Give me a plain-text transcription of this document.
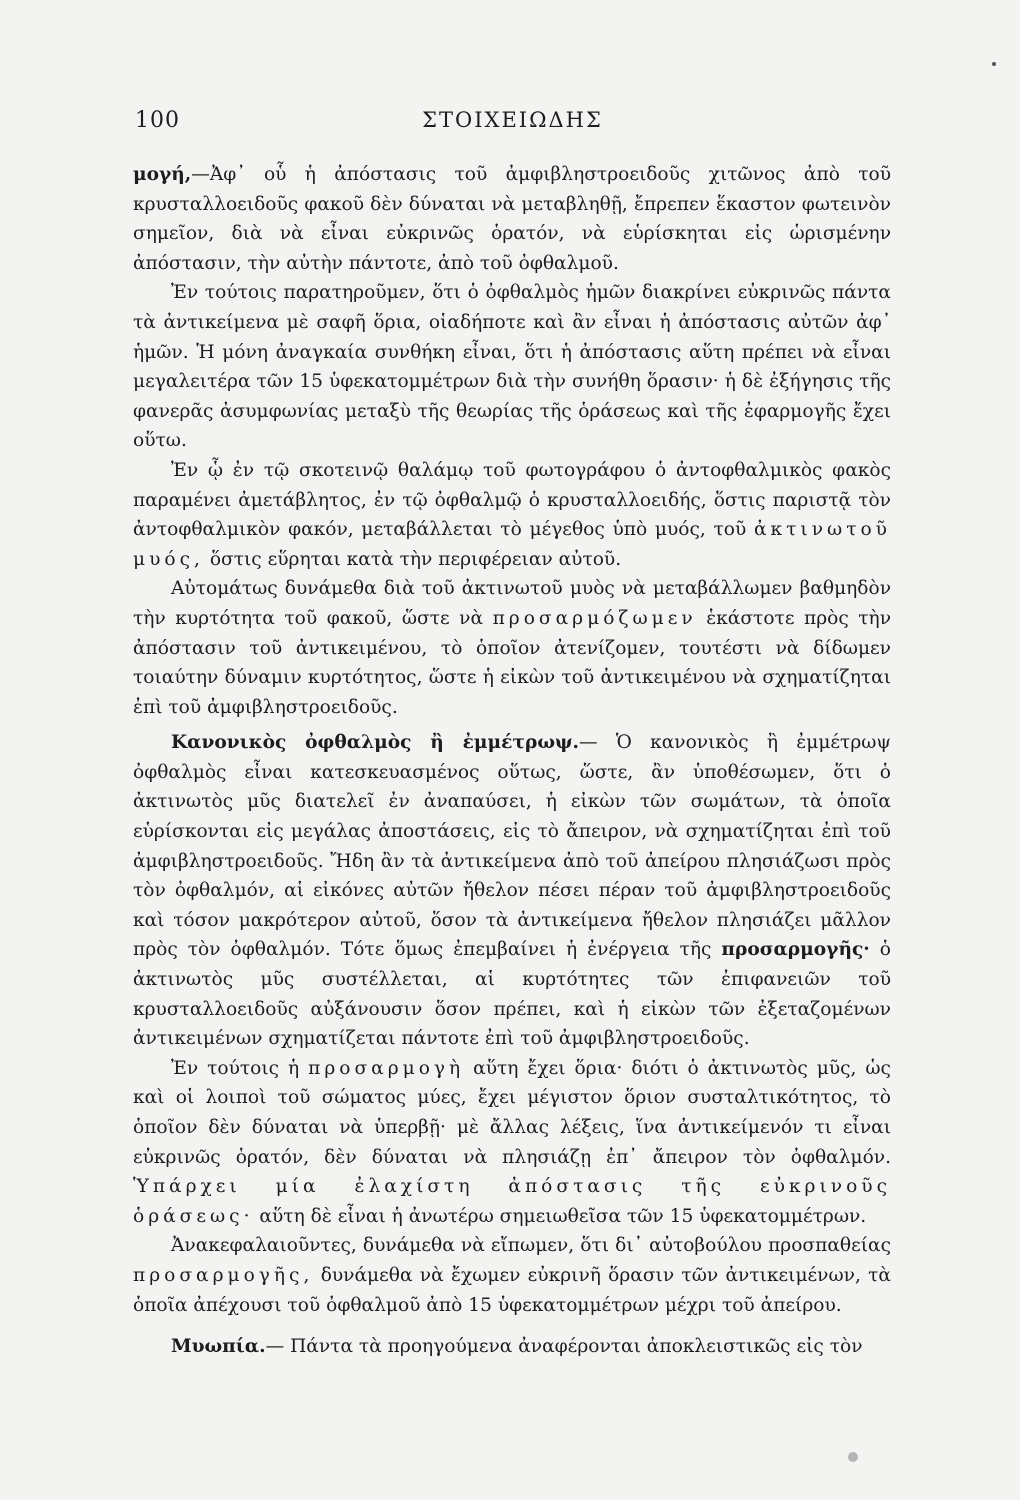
100	ΣΤΟΙΧΕΙΩΔΗΣ

μογή,—Ἀφ᾽ οὗ ἡ ἀπόστασις τοῦ ἀμφιβληστροειδοῦς χιτῶνος ἀπὸ τοῦ κρυσταλλοειδοῦς φακοῦ δὲν δύναται νὰ μεταβληθῇ, ἔπρεπεν ἕκαστον φωτεινὸν σημεῖον, διὰ νὰ εἶναι εὐκρινῶς ὁρατόν, νὰ εὑρίσκηται εἰς ὡρισμένην ἀπόστασιν, τὴν αὐτὴν πάντοτε, ἀπὸ τοῦ ὀφθαλμοῦ.

Ἐν τούτοις παρατηροῦμεν, ὅτι ὁ ὀφθαλμὸς ἡμῶν διακρίνει εὐκρινῶς πάντα τὰ ἀντικείμενα μὲ σαφῆ ὅρια, οἱαδήποτε καὶ ἂν εἶναι ἡ ἀπόστασις αὐτῶν ἀφ᾽ ἡμῶν. Ἡ μόνη ἀναγκαία συνθήκη εἶναι, ὅτι ἡ ἀπόστασις αὕτη πρέπει νὰ εἶναι μεγαλειτέρα τῶν 15 ὑφεκατομμέτρων διὰ τὴν συνήθη ὅρασιν· ἡ δὲ ἐξήγησις τῆς φανερᾶς ἀσυμφωνίας μεταξὺ τῆς θεωρίας τῆς ὁράσεως καὶ τῆς ἐφαρμογῆς ἔχει οὕτω.

Ἐν ᾧ ἐν τῷ σκοτεινῷ θαλάμῳ τοῦ φωτογράφου ὁ ἀντοφθαλμικὸς φακὸς παραμένει ἀμετάβλητος, ἐν τῷ ὀφθαλμῷ ὁ κρυσταλλοειδής, ὅστις παριστᾷ τὸν ἀντοφθαλμικὸν φακόν, μεταβάλλεται τὸ μέγεθος ὑπὸ μυός, τοῦ ἀκτινωτοῦ μυός, ὅστις εὕρηται κατὰ τὴν περιφέρειαν αὐτοῦ.

Αὐτομάτως δυνάμεθα διὰ τοῦ ἀκτινωτοῦ μυὸς νὰ μεταβάλλωμεν βαθμηδὸν τὴν κυρτότητα τοῦ φακοῦ, ὥστε νὰ προσαρμόζωμεν ἑκάστοτε πρὸς τὴν ἀπόστασιν τοῦ ἀντικειμένου, τὸ ὁποῖον ἀτενίζομεν, τουτέστι νὰ δίδωμεν τοιαύτην δύναμιν κυρτότητος, ὥστε ἡ εἰκὼν τοῦ ἀντικειμένου νὰ σχηματίζηται ἐπὶ τοῦ ἀμφιβληστροειδοῦς.

Κανονικὸς ὀφθαλμὸς ἢ ἐμμέτρωψ.— Ὁ κανονικὸς ἢ ἐμμέτρωψ ὀφθαλμὸς εἶναι κατεσκευασμένος οὕτως, ὥστε, ἂν ὑποθέσωμεν, ὅτι ὁ ἀκτινωτὸς μῦς διατελεῖ ἐν ἀναπαύσει, ἡ εἰκὼν τῶν σωμάτων, τὰ ὁποῖα εὑρίσκονται εἰς μεγάλας ἀποστάσεις, εἰς τὸ ἄπειρον, νὰ σχηματίζηται ἐπὶ τοῦ ἀμφιβληστροειδοῦς. Ἤδη ἂν τὰ ἀντικείμενα ἀπὸ τοῦ ἀπείρου πλησιάζωσι πρὸς τὸν ὀφθαλμόν, αἱ εἰκόνες αὐτῶν ἤθελον πέσει πέραν τοῦ ἀμφιβληστροειδοῦς καὶ τόσον μακρότερον αὐτοῦ, ὅσον τὰ ἀντικείμενα ἤθελον πλησιάζει μᾶλλον πρὸς τὸν ὀφθαλμόν. Τότε ὅμως ἐπεμβαίνει ἡ ἐνέργεια τῆς προσαρμογῆς· ὁ ἀκτινωτὸς μῦς συστέλλεται, αἱ κυρτότητες τῶν ἐπιφανειῶν τοῦ κρυσταλλοειδοῦς αὐξάνουσιν ὅσον πρέπει, καὶ ἡ εἰκὼν τῶν ἐξεταζομένων ἀντικειμένων σχηματίζεται πάντοτε ἐπὶ τοῦ ἀμφιβληστροειδοῦς.

Ἐν τούτοις ἡ προσαρμογὴ αὕτη ἔχει ὅρια· διότι ὁ ἀκτινωτὸς μῦς, ὡς καὶ οἱ λοιποὶ τοῦ σώματος μύες, ἔχει μέγιστον ὅριον συσταλτικότητος, τὸ ὁποῖον δὲν δύναται νὰ ὑπερβῇ· μὲ ἄλλας λέξεις, ἵνα ἀντικείμενόν τι εἶναι εὐκρινῶς ὁρατόν, δὲν δύναται νὰ πλησιάζῃ ἐπ᾽ ἄπειρον τὸν ὀφθαλμόν. Ὑπάρχει μία ἐλαχίστη ἀπόστασις τῆς εὐκρινοῦς ὁράσεως· αὕτη δὲ εἶναι ἡ ἀνωτέρω σημειωθεῖσα τῶν 15 ὑφεκατομμέτρων.

Ἀνακεφαλαιοῦντες, δυνάμεθα νὰ εἴπωμεν, ὅτι δι᾽ αὐτοβούλου προσπαθείας προσαρμογῆς, δυνάμεθα νὰ ἔχωμεν εὐκρινῆ ὅρασιν τῶν ἀντικειμένων, τὰ ὁποῖα ἀπέχουσι τοῦ ὀφθαλμοῦ ἀπὸ 15 ὑφεκατομμέτρων μέχρι τοῦ ἀπείρου.

Μυωπία.— Πάντα τὰ προηγούμενα ἀναφέρονται ἀποκλειστικῶς εἰς τὸν
